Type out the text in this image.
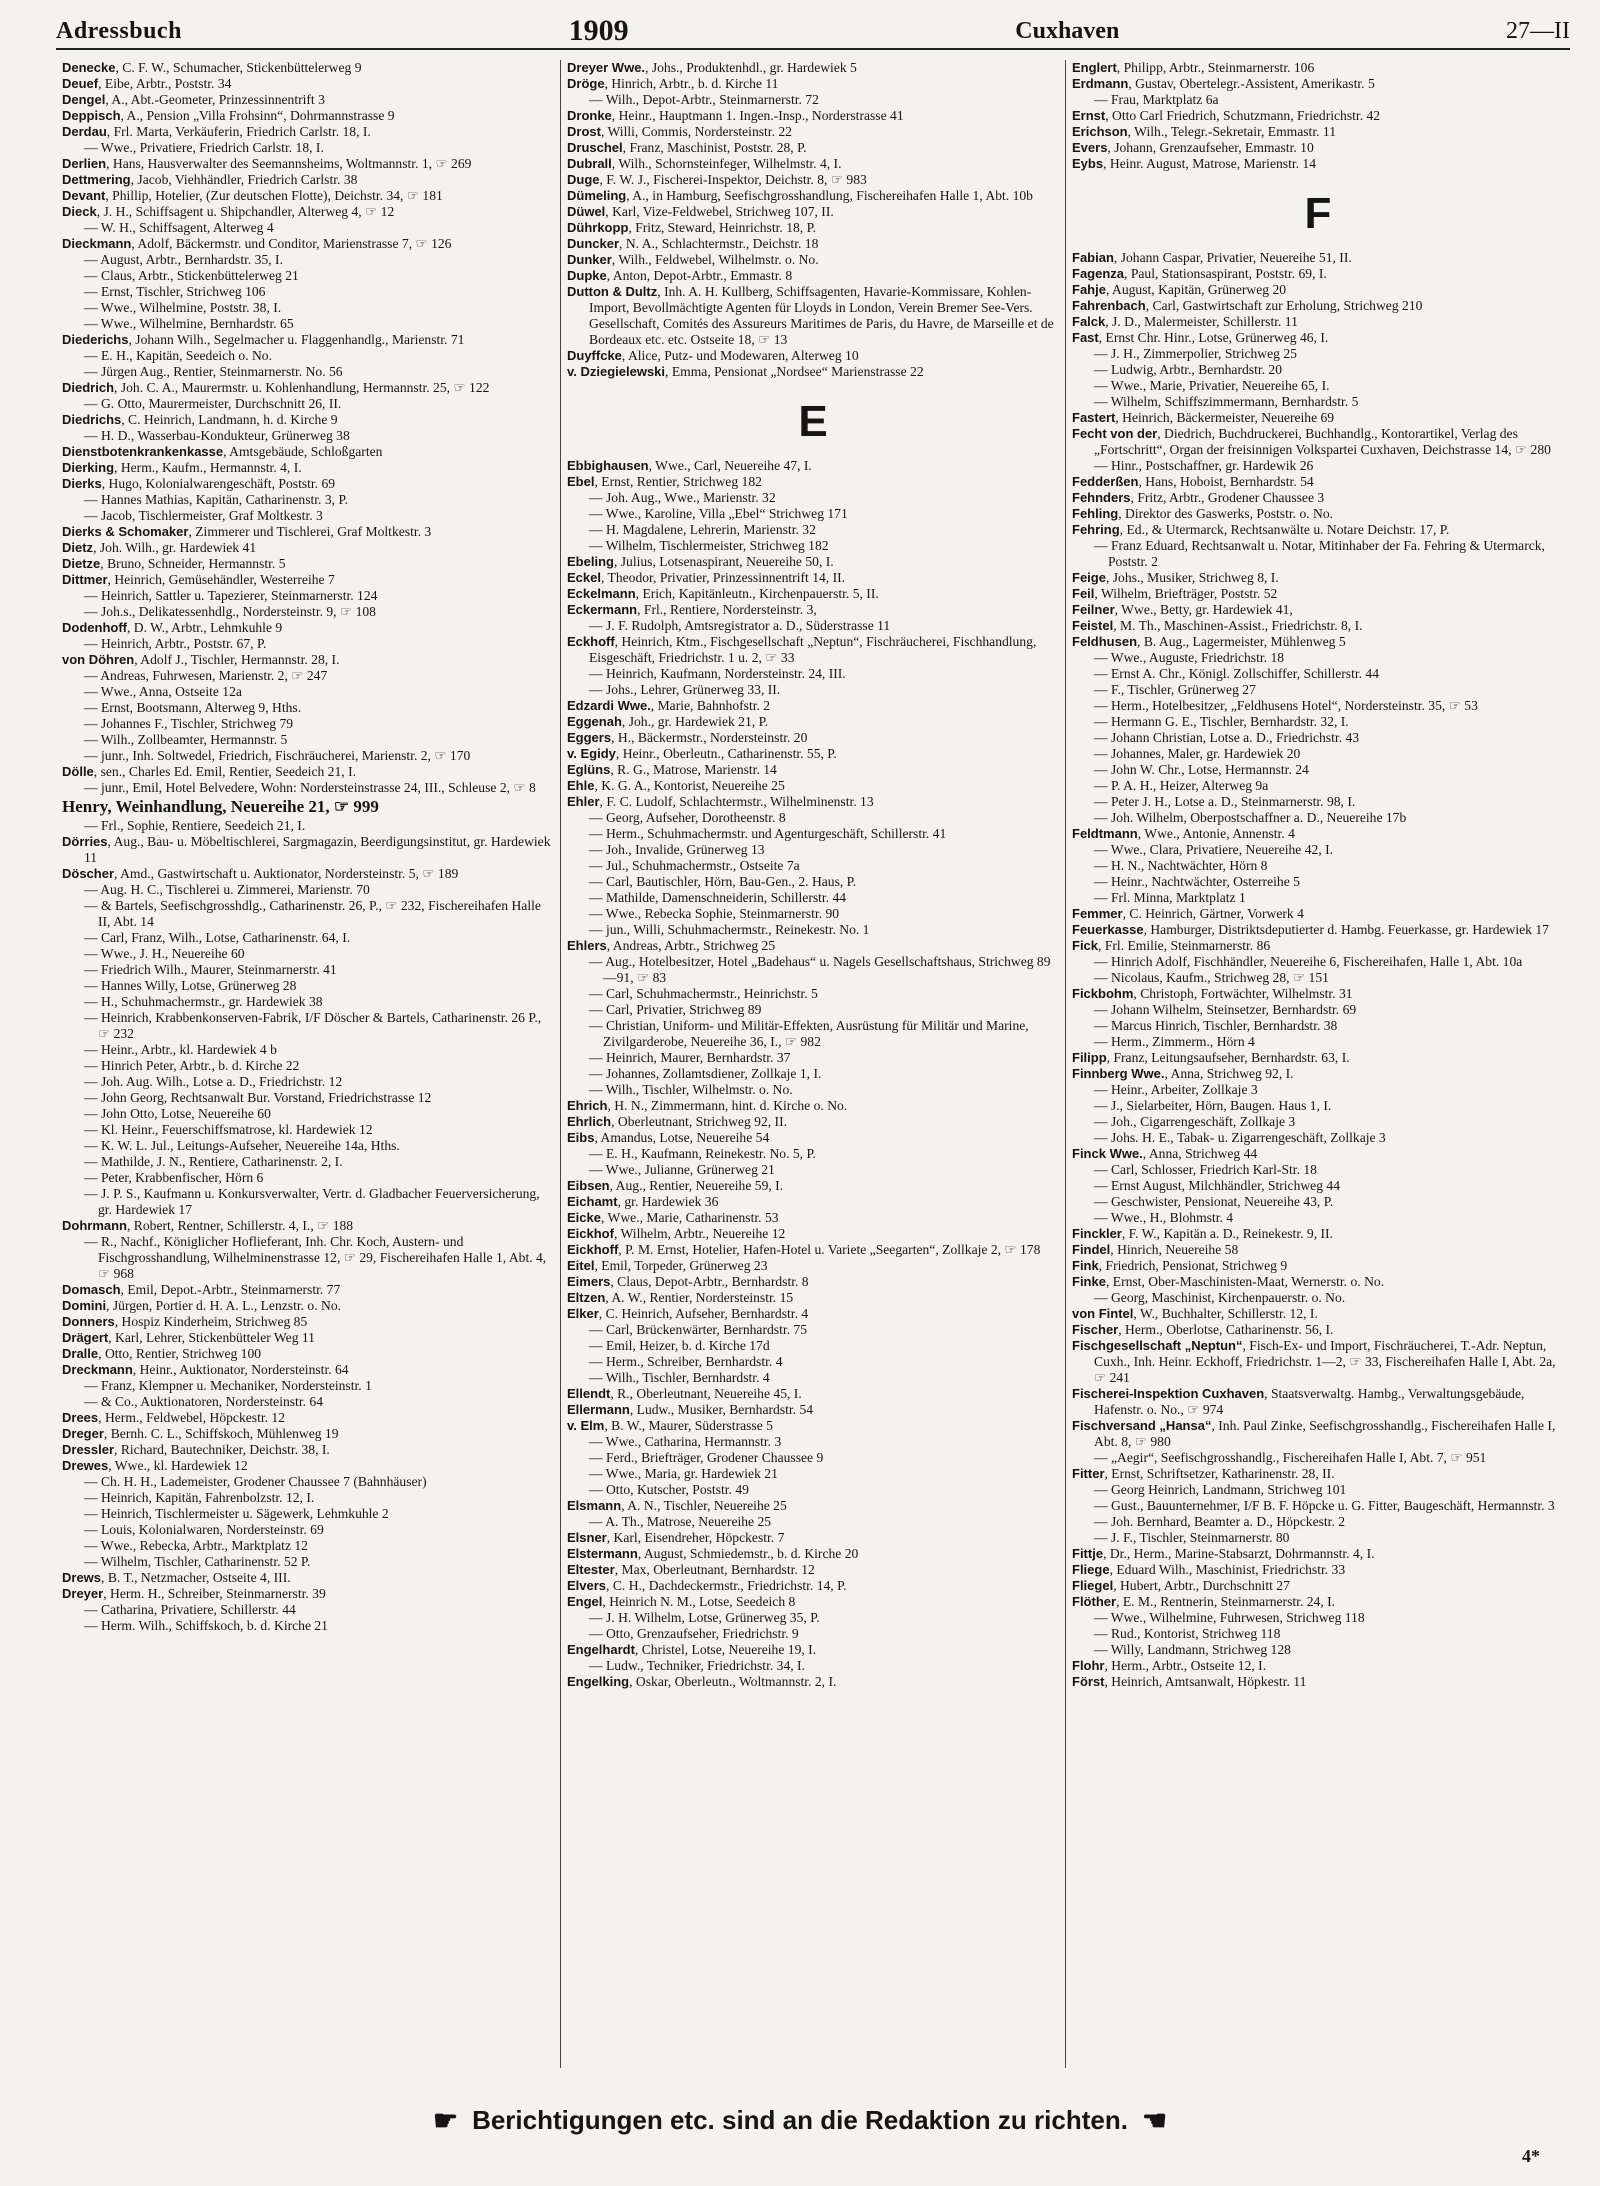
Adressbuch	1909	Cuxhaven	27—II

Denecke, C. F. W., Schumacher, Stickenbüttelerweg 9

Deuef, Eibe, Arbtr., Poststr. 34

Dengel, A., Abt.-Geometer, Prinzessinnentrift 3

Deppisch, A., Pension „Villa Frohsinn“, Dohrmannstrasse 9

Derdau, Frl. Marta, Verkäuferin, Friedrich Carlstr. 18, I.

— Wwe., Privatiere, Friedrich Carlstr. 18, I.

Derlien, Hans, Hausverwalter des Seemannsheims, Woltmannstr. 1, ☞ 269

Dettmering, Jacob, Viehhändler, Friedrich Carlstr. 38

Devant, Phillip, Hotelier, (Zur deutschen Flotte), Deichstr. 34, ☞ 181

Dieck, J. H., Schiffsagent u. Shipchandler, Alterweg 4, ☞ 12

— W. H., Schiffsagent, Alterweg 4

Dieckmann, Adolf, Bäckermstr. und Conditor, Marienstrasse 7, ☞ 126

— August, Arbtr., Bernhardstr. 35, I.

— Claus, Arbtr., Stickenbüttelerweg 21

— Ernst, Tischler, Strichweg 106

— Wwe., Wilhelmine, Poststr. 38, I.

— Wwe., Wilhelmine, Bernhardstr. 65

Diederichs, Johann Wilh., Segelmacher u. Flaggenhandlg., Marienstr. 71

— E. H., Kapitän, Seedeich o. No.

— Jürgen Aug., Rentier, Steinmarnerstr. No. 56

Diedrich, Joh. C. A., Maurermstr. u. Kohlenhandlung, Hermannstr. 25, ☞ 122

— G. Otto, Maurermeister, Durchschnitt 26, II.

Diedrichs, C. Heinrich, Landmann, h. d. Kirche 9

— H. D., Wasserbau-Kondukteur, Grünerweg 38

Dienstbotenkrankenkasse, Amtsgebäude, Schloßgarten

Dierking, Herm., Kaufm., Hermannstr. 4, I.

Dierks, Hugo, Kolonialwarengeschäft, Poststr. 69

— Hannes Mathias, Kapitän, Catharinenstr. 3, P.

— Jacob, Tischlermeister, Graf Moltkestr. 3

Dierks & Schomaker, Zimmerer und Tischlerei, Graf Moltkestr. 3

Dietz, Joh. Wilh., gr. Hardewiek 41

Dietze, Bruno, Schneider, Hermannstr. 5

Dittmer, Heinrich, Gemüsehändler, Westerreihe 7

— Heinrich, Sattler u. Tapezierer, Steinmarnerstr. 124

— Joh.s., Delikatessenhdlg., Nordersteinstr. 9, ☞ 108

Dodenhoff, D. W., Arbtr., Lehmkuhle 9

— Heinrich, Arbtr., Poststr. 67, P.

von Döhren, Adolf J., Tischler, Hermannstr. 28, I.

— Andreas, Fuhrwesen, Marienstr. 2, ☞ 247

— Wwe., Anna, Ostseite 12a

— Ernst, Bootsmann, Alterweg 9, Hths.

— Johannes F., Tischler, Strichweg 79

— Wilh., Zollbeamter, Hermannstr. 5

— junr., Inh. Soltwedel, Friedrich, Fischräucherei, Marienstr. 2, ☞ 170

Dölle, sen., Charles Ed. Emil, Rentier, Seedeich 21, I.

— junr., Emil, Hotel Belvedere, Wohn: Nordersteinstrasse 24, III., Schleuse 2, ☞ 8

Henry, Weinhandlung, Neuereihe 21, ☞ 999

— Frl., Sophie, Rentiere, Seedeich 21, I.

Dörries, Aug., Bau- u. Möbeltischlerei, Sargmagazin, Beerdigungsinstitut, gr. Hardewiek 11

Döscher, Amd., Gastwirtschaft u. Auktionator, Nordersteinstr. 5, ☞ 189

— Aug. H. C., Tischlerei u. Zimmerei, Marienstr. 70

— & Bartels, Seefischgrosshdlg., Catharinenstr. 26, P., ☞ 232, Fischereihafen Halle II, Abt. 14

— Carl, Franz, Wilh., Lotse, Catharinenstr. 64, I.

— Wwe., J. H., Neuereihe 60

— Friedrich Wilh., Maurer, Steinmarnerstr. 41

— Hannes Willy, Lotse, Grünerweg 28

— H., Schuhmachermstr., gr. Hardewiek 38

— Heinrich, Krabbenkonserven-Fabrik, I/F Döscher & Bartels, Catharinenstr. 26 P., ☞ 232

— Heinr., Arbtr., kl. Hardewiek 4 b

— Hinrich Peter, Arbtr., b. d. Kirche 22

— Joh. Aug. Wilh., Lotse a. D., Friedrichstr. 12

— John Georg, Rechtsanwalt Bur. Vorstand, Friedrichstrasse 12

— John Otto, Lotse, Neuereihe 60

— Kl. Heinr., Feuerschiffsmatrose, kl. Hardewiek 12

— K. W. L. Jul., Leitungs-Aufseher, Neuereihe 14a, Hths.

— Mathilde, J. N., Rentiere, Catharinenstr. 2, I.

— Peter, Krabbenfischer, Hörn 6

— J. P. S., Kaufmann u. Konkursverwalter, Vertr. d. Gladbacher Feuerversicherung, gr. Hardewiek 17

Dohrmann, Robert, Rentner, Schillerstr. 4, I., ☞ 188

— R., Nachf., Königlicher Hoflieferant, Inh. Chr. Koch, Austern- und Fischgrosshandlung, Wilhelminenstrasse 12, ☞ 29, Fischereihafen Halle 1, Abt. 4, ☞ 968

Domasch, Emil, Depot.-Arbtr., Steinmarnerstr. 77

Domini, Jürgen, Portier d. H. A. L., Lenzstr. o. No.

Donners, Hospiz Kinderheim, Strichweg 85

Drägert, Karl, Lehrer, Stickenbütteler Weg 11

Dralle, Otto, Rentier, Strichweg 100

Dreckmann, Heinr., Auktionator, Nordersteinstr. 64

— Franz, Klempner u. Mechaniker, Nordersteinstr. 1

— & Co., Auktionatoren, Nordersteinstr. 64

Drees, Herm., Feldwebel, Höpckestr. 12

Dreger, Bernh. C. L., Schiffskoch, Mühlenweg 19

Dressler, Richard, Bautechniker, Deichstr. 38, I.

Drewes, Wwe., kl. Hardewiek 12

— Ch. H. H., Lademeister, Grodener Chaussee 7 (Bahnhäuser)

— Heinrich, Kapitän, Fahrenbolzstr. 12, I.

— Heinrich, Tischlermeister u. Sägewerk, Lehmkuhle 2

— Louis, Kolonialwaren, Nordersteinstr. 69

— Wwe., Rebecka, Arbtr., Marktplatz 12

— Wilhelm, Tischler, Catharinenstr. 52 P.

Drews, B. T., Netzmacher, Ostseite 4, III.

Dreyer, Herm. H., Schreiber, Steinmarnerstr. 39

— Catharina, Privatiere, Schillerstr. 44

— Herm. Wilh., Schiffskoch, b. d. Kirche 21

Dreyer Wwe., Johs., Produktenhdl., gr. Hardewiek 5

Dröge, Hinrich, Arbtr., b. d. Kirche 11

— Wilh., Depot-Arbtr., Steinmarnerstr. 72

Dronke, Heinr., Hauptmann 1. Ingen.-Insp., Norderstrasse 41

Drost, Willi, Commis, Nordersteinstr. 22

Druschel, Franz, Maschinist, Poststr. 28, P.

Dubrall, Wilh., Schornsteinfeger, Wilhelmstr. 4, I.

Duge, F. W. J., Fischerei-Inspektor, Deichstr. 8, ☞ 983

Dümeling, A., in Hamburg, Seefischgrosshandlung, Fischereihafen Halle 1, Abt. 10b

Düwel, Karl, Vize-Feldwebel, Strichweg 107, II.

Dührkopp, Fritz, Steward, Heinrichstr. 18, P.

Duncker, N. A., Schlachtermstr., Deichstr. 18

Dunker, Wilh., Feldwebel, Wilhelmstr. o. No.

Dupke, Anton, Depot-Arbtr., Emmastr. 8

Dutton & Dultz, Inh. A. H. Kullberg, Schiffsagenten, Havarie-Kommissare, Kohlen-Import, Bevollmächtigte Agenten für Lloyds in London, Verein Bremer See-Vers. Gesellschaft, Comités des Assureurs Maritimes de Paris, du Havre, de Marseille et de Bordeaux etc. etc. Ostseite 18, ☞ 13

Duyffcke, Alice, Putz- und Modewaren, Alterweg 10

v. Dziegielewski, Emma, Pensionat „Nordsee“ Marienstrasse 22

E

Ebbighausen, Wwe., Carl, Neuereihe 47, I.

Ebel, Ernst, Rentier, Strichweg 182

— Joh. Aug., Wwe., Marienstr. 32

— Wwe., Karoline, Villa „Ebel“ Strichweg 171

— H. Magdalene, Lehrerin, Marienstr. 32

— Wilhelm, Tischlermeister, Strichweg 182

Ebeling, Julius, Lotsenaspirant, Neuereihe 50, I.

Eckel, Theodor, Privatier, Prinzessinnentrift 14, II.

Eckelmann, Erich, Kapitänleutn., Kirchenpauerstr. 5, II.

Eckermann, Frl., Rentiere, Nordersteinstr. 3,

— J. F. Rudolph, Amtsregistrator a. D., Süderstrasse 11

Eckhoff, Heinrich, Ktm., Fischgesellschaft „Neptun“, Fischräucherei, Fischhandlung, Eisgeschäft, Friedrichstr. 1 u. 2, ☞ 33

— Heinrich, Kaufmann, Nordersteinstr. 24, III.

— Johs., Lehrer, Grünerweg 33, II.

Edzardi Wwe., Marie, Bahnhofstr. 2

Eggenah, Joh., gr. Hardewiek 21, P.

Eggers, H., Bäckermstr., Nordersteinstr. 20

v. Egidy, Heinr., Oberleutn., Catharinenstr. 55, P.

Eglüns, R. G., Matrose, Marienstr. 14

Ehle, K. G. A., Kontorist, Neuereihe 25

Ehler, F. C. Ludolf, Schlachtermstr., Wilhelminenstr. 13

— Georg, Aufseher, Dorotheenstr. 8

— Herm., Schuhmachermstr. und Agenturgeschäft, Schillerstr. 41

— Joh., Invalide, Grünerweg 13

— Jul., Schuhmachermstr., Ostseite 7a

— Carl, Bautischler, Hörn, Bau-Gen., 2. Haus, P.

— Mathilde, Damenschneiderin, Schillerstr. 44

— Wwe., Rebecka Sophie, Steinmarnerstr. 90

— jun., Willi, Schuhmachermstr., Reinekestr. No. 1

Ehlers, Andreas, Arbtr., Strichweg 25

— Aug., Hotelbesitzer, Hotel „Badehaus“ u. Nagels Gesellschaftshaus, Strichweg 89—91, ☞ 83

— Carl, Schuhmachermstr., Heinrichstr. 5

— Carl, Privatier, Strichweg 89

— Christian, Uniform- und Militär-Effekten, Ausrüstung für Militär und Marine, Zivilgarderobe, Neuereihe 36, I., ☞ 982

— Heinrich, Maurer, Bernhardstr. 37

— Johannes, Zollamtsdiener, Zollkaje 1, I.

— Wilh., Tischler, Wilhelmstr. o. No.

Ehrich, H. N., Zimmermann, hint. d. Kirche o. No.

Ehrlich, Oberleutnant, Strichweg 92, II.

Eibs, Amandus, Lotse, Neuereihe 54

— E. H., Kaufmann, Reinekestr. No. 5, P.

— Wwe., Julianne, Grünerweg 21

Eibsen, Aug., Rentier, Neuereihe 59, I.

Eichamt, gr. Hardewiek 36

Eicke, Wwe., Marie, Catharinenstr. 53

Eickhof, Wilhelm, Arbtr., Neuereihe 12

Eickhoff, P. M. Ernst, Hotelier, Hafen-Hotel u. Variete „Seegarten“, Zollkaje 2, ☞ 178

Eitel, Emil, Torpeder, Grünerweg 23

Eimers, Claus, Depot-Arbtr., Bernhardstr. 8

Eltzen, A. W., Rentier, Nordersteinstr. 15

Elker, C. Heinrich, Aufseher, Bernhardstr. 4

— Carl, Brückenwärter, Bernhardstr. 75

— Emil, Heizer, b. d. Kirche 17d

— Herm., Schreiber, Bernhardstr. 4

— Wilh., Tischler, Bernhardstr. 4

Ellendt, R., Oberleutnant, Neuereihe 45, I.

Ellermann, Ludw., Musiker, Bernhardstr. 54

v. Elm, B. W., Maurer, Süderstrasse 5

— Wwe., Catharina, Hermannstr. 3

— Ferd., Briefträger, Grodener Chaussee 9

— Wwe., Maria, gr. Hardewiek 21

— Otto, Kutscher, Poststr. 49

Elsmann, A. N., Tischler, Neuereihe 25

— A. Th., Matrose, Neuereihe 25

Elsner, Karl, Eisendreher, Höpckestr. 7

Elstermann, August, Schmiedemstr., b. d. Kirche 20

Eltester, Max, Oberleutnant, Bernhardstr. 12

Elvers, C. H., Dachdeckermstr., Friedrichstr. 14, P.

Engel, Heinrich N. M., Lotse, Seedeich 8

— J. H. Wilhelm, Lotse, Grünerweg 35, P.

— Otto, Grenzaufseher, Friedrichstr. 9

Engelhardt, Christel, Lotse, Neuereihe 19, I.

— Ludw., Techniker, Friedrichstr. 34, I.

Engelking, Oskar, Oberleutn., Woltmannstr. 2, I.

Englert, Philipp, Arbtr., Steinmarnerstr. 106

Erdmann, Gustav, Obertelegr.-Assistent, Amerikastr. 5

— Frau, Marktplatz 6a

Ernst, Otto Carl Friedrich, Schutzmann, Friedrichstr. 42

Erichson, Wilh., Telegr.-Sekretair, Emmastr. 11

Evers, Johann, Grenzaufseher, Emmastr. 10

Eybs, Heinr. August, Matrose, Marienstr. 14

F

Fabian, Johann Caspar, Privatier, Neuereihe 51, II.

Fagenza, Paul, Stationsaspirant, Poststr. 69, I.

Fahje, August, Kapitän, Grünerweg 20

Fahrenbach, Carl, Gastwirtschaft zur Erholung, Strichweg 210

Falck, J. D., Malermeister, Schillerstr. 11

Fast, Ernst Chr. Hinr., Lotse, Grünerweg 46, I.

— J. H., Zimmerpolier, Strichweg 25

— Ludwig, Arbtr., Bernhardstr. 20

— Wwe., Marie, Privatier, Neuereihe 65, I.

— Wilhelm, Schiffszimmermann, Bernhardstr. 5

Fastert, Heinrich, Bäckermeister, Neuereihe 69

Fecht von der, Diedrich, Buchdruckerei, Buchhandlg., Kontorartikel, Verlag des „Fortschritt“, Organ der freisinnigen Volkspartei Cuxhaven, Deichstrasse 14, ☞ 280

— Hinr., Postschaffner, gr. Hardewik 26

Fedderßen, Hans, Hoboist, Bernhardstr. 54

Fehnders, Fritz, Arbtr., Grodener Chaussee 3

Fehling, Direktor des Gaswerks, Poststr. o. No.

Fehring, Ed., & Utermarck, Rechtsanwälte u. Notare Deichstr. 17, P.

— Franz Eduard, Rechtsanwalt u. Notar, Mitinhaber der Fa. Fehring & Utermarck, Poststr. 2

Feige, Johs., Musiker, Strichweg 8, I.

Feil, Wilhelm, Briefträger, Poststr. 52

Feilner, Wwe., Betty, gr. Hardewiek 41,

Feistel, M. Th., Maschinen-Assist., Friedrichstr. 8, I.

Feldhusen, B. Aug., Lagermeister, Mühlenweg 5

— Wwe., Auguste, Friedrichstr. 18

— Ernst A. Chr., Königl. Zollschiffer, Schillerstr. 44

— F., Tischler, Grünerweg 27

— Herm., Hotelbesitzer, „Feldhusens Hotel“, Nordersteinstr. 35, ☞ 53

— Hermann G. E., Tischler, Bernhardstr. 32, I.

— Johann Christian, Lotse a. D., Friedrichstr. 43

— Johannes, Maler, gr. Hardewiek 20

— John W. Chr., Lotse, Hermannstr. 24

— P. A. H., Heizer, Alterweg 9a

— Peter J. H., Lotse a. D., Steinmarnerstr. 98, I.

— Joh. Wilhelm, Oberpostschaffner a. D., Neuereihe 17b

Feldtmann, Wwe., Antonie, Annenstr. 4

— Wwe., Clara, Privatiere, Neuereihe 42, I.

— H. N., Nachtwächter, Hörn 8

— Heinr., Nachtwächter, Osterreihe 5

— Frl. Minna, Marktplatz 1

Femmer, C. Heinrich, Gärtner, Vorwerk 4

Feuerkasse, Hamburger, Distriktsdeputierter d. Hambg. Feuerkasse, gr. Hardewiek 17

Fick, Frl. Emilie, Steinmarnerstr. 86

— Hinrich Adolf, Fischhändler, Neuereihe 6, Fischereihafen, Halle 1, Abt. 10a

— Nicolaus, Kaufm., Strichweg 28, ☞ 151

Fickbohm, Christoph, Fortwächter, Wilhelmstr. 31

— Johann Wilhelm, Steinsetzer, Bernhardstr. 69

— Marcus Hinrich, Tischler, Bernhardstr. 38

— Herm., Zimmerm., Hörn 4

Filipp, Franz, Leitungsaufseher, Bernhardstr. 63, I.

Finnberg Wwe., Anna, Strichweg 92, I.

— Heinr., Arbeiter, Zollkaje 3

— J., Sielarbeiter, Hörn, Baugen. Haus 1, I.

— Joh., Cigarrengeschäft, Zollkaje 3

— Johs. H. E., Tabak- u. Zigarrengeschäft, Zollkaje 3

Finck Wwe., Anna, Strichweg 44

— Carl, Schlosser, Friedrich Karl-Str. 18

— Ernst August, Milchhändler, Strichweg 44

— Geschwister, Pensionat, Neuereihe 43, P.

— Wwe., H., Blohmstr. 4

Finckler, F. W., Kapitän a. D., Reinekestr. 9, II.

Findel, Hinrich, Neuereihe 58

Fink, Friedrich, Pensionat, Strichweg 9

Finke, Ernst, Ober-Maschinisten-Maat, Wernerstr. o. No.

— Georg, Maschinist, Kirchenpauerstr. o. No.

von Fintel, W., Buchhalter, Schillerstr. 12, I.

Fischer, Herm., Oberlotse, Catharinenstr. 56, I.

Fischgesellschaft „Neptun“, Fisch-Ex- und Import, Fischräucherei, T.-Adr. Neptun, Cuxh., Inh. Heinr. Eckhoff, Friedrichstr. 1—2, ☞ 33, Fischereihafen Halle I, Abt. 2a, ☞ 241

Fischerei-Inspektion Cuxhaven, Staatsverwaltg. Hambg., Verwaltungsgebäude, Hafenstr. o. No., ☞ 974

Fischversand „Hansa“, Inh. Paul Zinke, Seefischgrosshandlg., Fischereihafen Halle I, Abt. 8, ☞ 980

— „Aegir“, Seefischgrosshandlg., Fischereihafen Halle I, Abt. 7, ☞ 951

Fitter, Ernst, Schriftsetzer, Katharinenstr. 28, II.

— Georg Heinrich, Landmann, Strichweg 101

— Gust., Bauunternehmer, I/F B. F. Höpcke u. G. Fitter, Baugeschäft, Hermannstr. 3

— Joh. Bernhard, Beamter a. D., Höpckestr. 2

— J. F., Tischler, Steinmarnerstr. 80

Fittje, Dr., Herm., Marine-Stabsarzt, Dohrmannstr. 4, I.

Fliege, Eduard Wilh., Maschinist, Friedrichstr. 33

Fliegel, Hubert, Arbtr., Durchschnitt 27

Flöther, E. M., Rentnerin, Steinmarnerstr. 24, I.

— Wwe., Wilhelmine, Fuhrwesen, Strichweg 118

— Rud., Kontorist, Strichweg 118

— Willy, Landmann, Strichweg 128

Flohr, Herm., Arbtr., Ostseite 12, I.

Först, Heinrich, Amtsanwalt, Höpkestr. 11

☛ Berichtigungen etc. sind an die Redaktion zu richten. ☚
4*
